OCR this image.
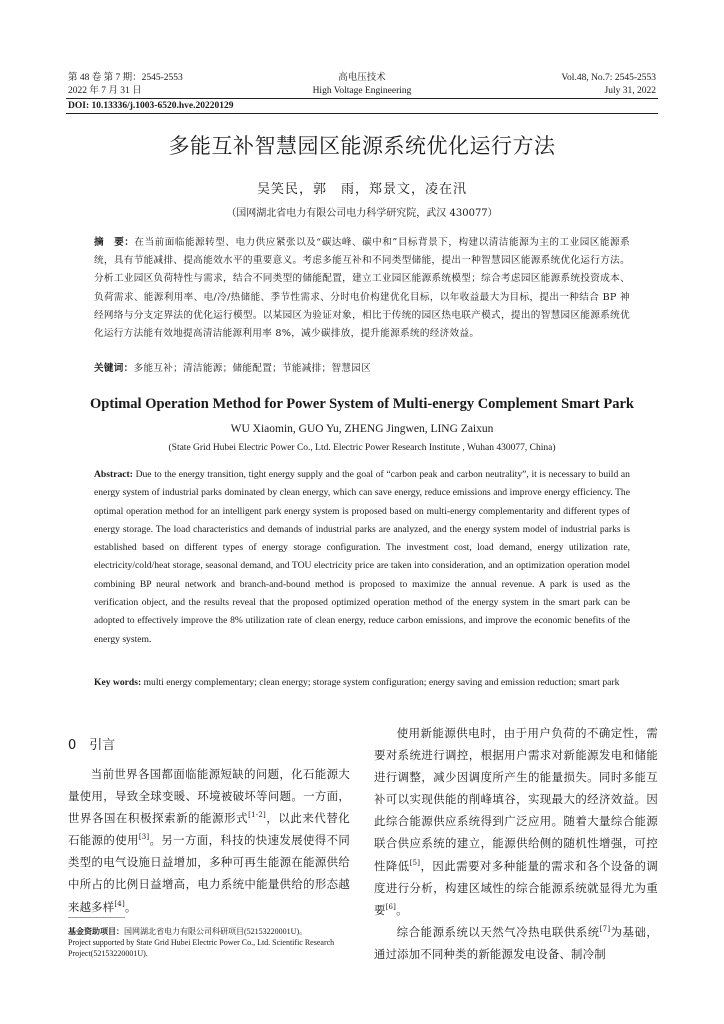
第 48 卷 第 7 期：2545-2553
2022 年 7 月 31 日
高电压技术
High Voltage Engineering
Vol.48, No.7: 2545-2553
July 31, 2022
DOI: 10.13336/j.1003-6520.hve.20220129
多能互补智慧园区能源系统优化运行方法
吴笑民，郭　雨，郑景文，凌在汛
（国网湖北省电力有限公司电力科学研究院，武汉 430077）
摘　要：在当前面临能源转型、电力供应紧张以及“碳达峰、碳中和”目标背景下，构建以清洁能源为主的工业园区能源系统，具有节能减排、提高能效水平的重要意义。考虑多能互补和不同类型储能，提出一种智慧园区能源系统优化运行方法。分析工业园区负荷特性与需求，结合不同类型的储能配置，建立工业园区能源系统模型；综合考虑园区能源系统投资成本、负荷需求、能源利用率、电/冷/热储能、季节性需求、分时电价构建优化目标，以年收益最大为目标，提出一种结合 BP 神经网络与分支定界法的优化运行模型。以某园区为验证对象，相比于传统的园区热电联产模式，提出的智慧园区能源系统优化运行方法能有效地提高清洁能源利用率 8%，减少碳排放，提升能源系统的经济效益。
关键词：多能互补；清洁能源；储能配置；节能减排；智慧园区
Optimal Operation Method for Power System of Multi-energy Complement Smart Park
WU Xiaomin, GUO Yu, ZHENG Jingwen, LING Zaixun
(State Grid Hubei Electric Power Co., Ltd. Electric Power Research Institute , Wuhan 430077, China)
Abstract: Due to the energy transition, tight energy supply and the goal of “carbon peak and carbon neutrality”, it is necessary to build an energy system of industrial parks dominated by clean energy, which can save energy, reduce emissions and improve energy efficiency. The optimal operation method for an intelligent park energy system is proposed based on multi-energy complementarity and different types of energy storage. The load characteristics and demands of industrial parks are analyzed, and the energy system model of industrial parks is established based on different types of energy storage configuration. The investment cost, load demand, energy utilization rate, electricity/cold/heat storage, seasonal demand, and TOU electricity price are taken into consideration, and an optimization operation model combining BP neural network and branch-and-bound method is proposed to maximize the annual revenue. A park is used as the verification object, and the results reveal that the proposed optimized operation method of the energy system in the smart park can be adopted to effectively improve the 8% utilization rate of clean energy, reduce carbon emissions, and improve the economic benefits of the energy system.
Key words: multi energy complementary; clean energy; storage system configuration; energy saving and emission reduction; smart park
0　引言

当前世界各国都面临能源短缺的问题，化石能源大量使用，导致全球变暖、环境被破坏等问题。一方面，世界各国在积极探索新的能源形式[1-2]，以此来代替化石能源的使用[3]。另一方面，科技的快速发展使得不同类型的电气设施日益增加，多种可再生能源在能源供给中所占的比例日益增高，电力系统中能量供给的形态越来越多样[4]。

————————
基金资助项目：国网湖北省电力有限公司科研项目(52153220001U)。
Project supported by State Grid Hubei Electric Power Co., Ltd. Scientific Research Project(52153220001U).

使用新能源供电时，由于用户负荷的不确定性，需要对系统进行调控，根据用户需求对新能源发电和储能进行调整，减少因调度所产生的能量损失。同时多能互补可以实现供能的削峰填谷，实现最大的经济效益。因此综合能源供应系统得到广泛应用。随着大量综合能源联合供应系统的建立，能源供给侧的随机性增强，可控性降低[5]，因此需要对多种能量的需求和各个设备的调度进行分析，构建区域性的综合能源系统就显得尤为重要[6]。

综合能源系统以天然气冷热电联供系统[7]为基础，通过添加不同种类的新能源发电设备、制冷制
